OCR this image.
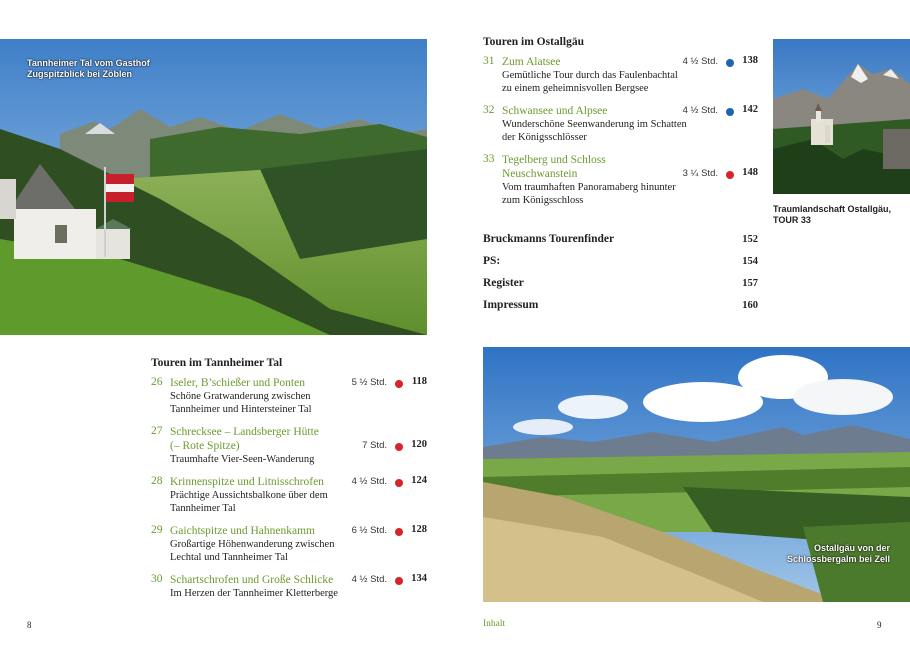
Tannheimer Tal vom Gasthof
Zugspitzblick bei Zöblen
Traumlandschaft Ostallgäu,
TOUR 33
Ostallgäu von der
Schlossbergalm bei Zell
Touren im Tannheimer Tal
26 Iseler, B’schießer und Ponten	5 ½ Std. 118
Schöne Gratwanderung zwischen
Tannheimer und Hintersteiner Tal
27 Schrecksee – Landsberger Hütte
(– Rote Spitze)	7 Std. 120
Traumhafte Vier-Seen-Wanderung
28 Krinnenspitze und Litnisschrofen	4 ½ Std. 124
Prächtige Aussichtsbalkone über dem
Tannheimer Tal
29 Gaichtspitze und Hahnenkamm	6 ½ Std. 128
Großartige Höhenwanderung zwischen
Lechtal und Tannheimer Tal
30 Schartschrofen und Große Schlicke 4 ½ Std. 134
Im Herzen der Tannheimer Kletterberge
Touren im Ostallgäu
31 Zum Alatsee	4 ½ Std. 138
Gemütliche Tour durch das Faulenbachtal
zu einem geheimnisvollen Bergsee
32 Schwansee und Alpsee	4 ½ Std. 142
Wunderschöne Seenwanderung im Schatten
der Königsschlösser
33 Tegelberg und Schloss
Neuschwanstein	3 ¼ Std. 148
Vom traumhaften Panoramaberg hinunter
zum Königsschloss
Bruckmanns Tourenfinder	152
PS:	154
Register	157
Impressum	160
8	Inhalt	9
